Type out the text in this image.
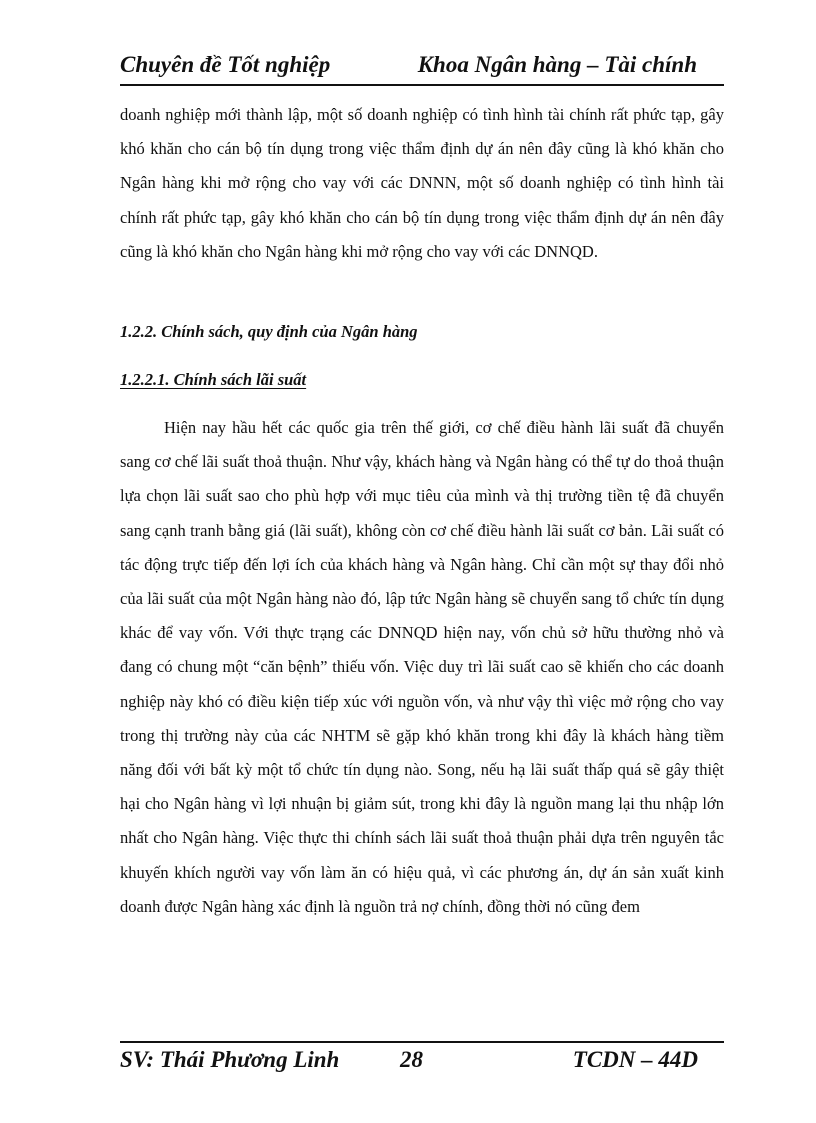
Chuyên đề Tốt nghiệp	Khoa Ngân hàng – Tài chính

doanh nghiệp mới thành lập, một số doanh nghiệp có tình hình tài chính rất phức tạp, gây khó khăn cho cán bộ tín dụng trong việc thẩm định dự án nên đây cũng là khó khăn cho Ngân hàng khi mở rộng cho vay với các DNNN, một số doanh nghiệp có tình hình tài chính rất phức tạp, gây khó khăn cho cán bộ tín dụng trong việc thẩm định dự án nên đây cũng là khó khăn cho Ngân hàng khi mở rộng cho vay với các DNNQD.

1.2.2. Chính sách, quy định của Ngân hàng
1.2.2.1. Chính sách lãi suất

Hiện nay hầu hết các quốc gia trên thế giới, cơ chế điều hành lãi suất đã chuyển sang cơ chế lãi suất thoả thuận. Như vậy, khách hàng và Ngân hàng có thể tự do thoả thuận lựa chọn lãi suất sao cho phù hợp với mục tiêu của mình và thị trường tiền tệ đã chuyển sang cạnh tranh bằng giá (lãi suất), không còn cơ chế điều hành lãi suất cơ bản. Lãi suất có tác động trực tiếp đến lợi ích của khách hàng và Ngân hàng. Chỉ cần một sự thay đổi nhỏ của lãi suất của một Ngân hàng nào đó, lập tức Ngân hàng sẽ chuyển sang tổ chức tín dụng khác để vay vốn. Với thực trạng các DNNQD hiện nay, vốn chủ sở hữu thường nhỏ và đang có chung một “căn bệnh” thiếu vốn. Việc duy trì lãi suất cao sẽ khiến cho các doanh nghiệp này khó có điều kiện tiếp xúc với nguồn vốn, và như vậy thì việc mở rộng cho vay trong thị trường này của các NHTM sẽ gặp khó khăn trong khi đây là khách hàng tiềm năng đối với bất kỳ một tổ chức tín dụng nào. Song, nếu hạ lãi suất thấp quá sẽ gây thiệt hại cho Ngân hàng vì lợi nhuận bị giảm sút, trong khi đây là nguồn mang lại thu nhập lớn nhất cho Ngân hàng. Việc thực thi chính sách lãi suất thoả thuận phải dựa trên nguyên tắc khuyến khích người vay vốn làm ăn có hiệu quả, vì các phương án, dự án sản xuất kinh doanh được Ngân hàng xác định là nguồn trả nợ chính, đồng thời nó cũng đem

SV: Thái Phương Linh	28	TCDN – 44D
